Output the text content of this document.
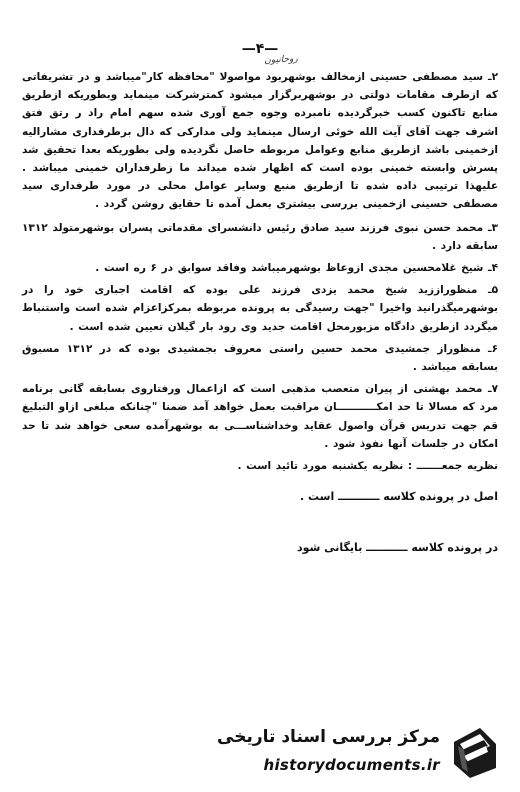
—۴—
روحانیون

۲ـ سید مصطفی حسینی ازمخالف بوشهربود مواصولا "محافظه کار"میباشد و در تشریفاتی که ازطرف مقامات دولتی در بوشهربرگزار میشود کمترشرکت مینماید وبطوریکه ازطریق منابع تاکنون کسب خبرگردیده نامبرده وجوه جمع آوری شده سهم امام راد ر رتق فتق اشرف جهت آقای آیت الله خوئی ارسال مینماید ولی مدارکی که دال برطرفداری مشارالیه ازخمینی باشد ازطریق منابع وعوامل مربوطه حاصل نگردیده ولی بطوریکه بعدا تحقیق شد پسرش وابسته خمینی بوده است که اظهار شده میداند ما زطرفداران خمینی میباشد . علیهذا ترتیبی داده شده تا ازطریق منبع وسایر عوامل محلی در مورد طرفداری سید مصطفی حسینی ازخمینی بررسی بیشتری بعمل آمده تا حقایق روشن گردد .

۳ـ محمد حسن نبوی فرزند سید صادق رئیس دانشسرای مقدماتی پسران بوشهرمتولد ۱۳۱۲ سابقه دارد .

۴ـ شیخ غلامحسین مجدی ازوعاظ بوشهرمیباشد وفاقد سوابق در ۶ ره است .

۵ـ منظوراززید شیخ محمد یزدی فرزند علی بوده که اقامت اجباری خود را در بوشهرمیگذرانید واخیرا "جهت رسیدگی به پرونده مربوطه بمرکزاعزام شده است واستنباط میگردد ازطریق دادگاه مزبورمحل اقامت جدید وی رود بار گیلان تعیین شده است .

۶ـ منظوراز جمشیدی محمد حسین راستی معروف بجمشیدی بوده که در ۱۳۱۲ مسبوق بسابقه میباشد .

۷ـ محمد بهشتی از پیران متعصب مذهبی است که ازاعمال ورفتاروی بسابقه گانی برنامه مرد که مسالا تا حد امکـــــــــــان مراقبت بعمل خواهد آمد ضمنا "چنانکه مبلغی ازاو التبلیغ قم جهت تدریس قرآن واصول عقاید وخداشناســـی به بوشهرآمده سعی خواهد شد تا حد امکان در جلسات آنها نفوذ شود .

نظریه جمعـــــــ : نظریه یکشنبه مورد تائید است .

اصل در پرونده کلاسه ـــــــــــ است .
در پرونده کلاسه ـــــــــــ بایگانی شود
مرکز بررسی اسناد تاریخی
historydocuments.ir
